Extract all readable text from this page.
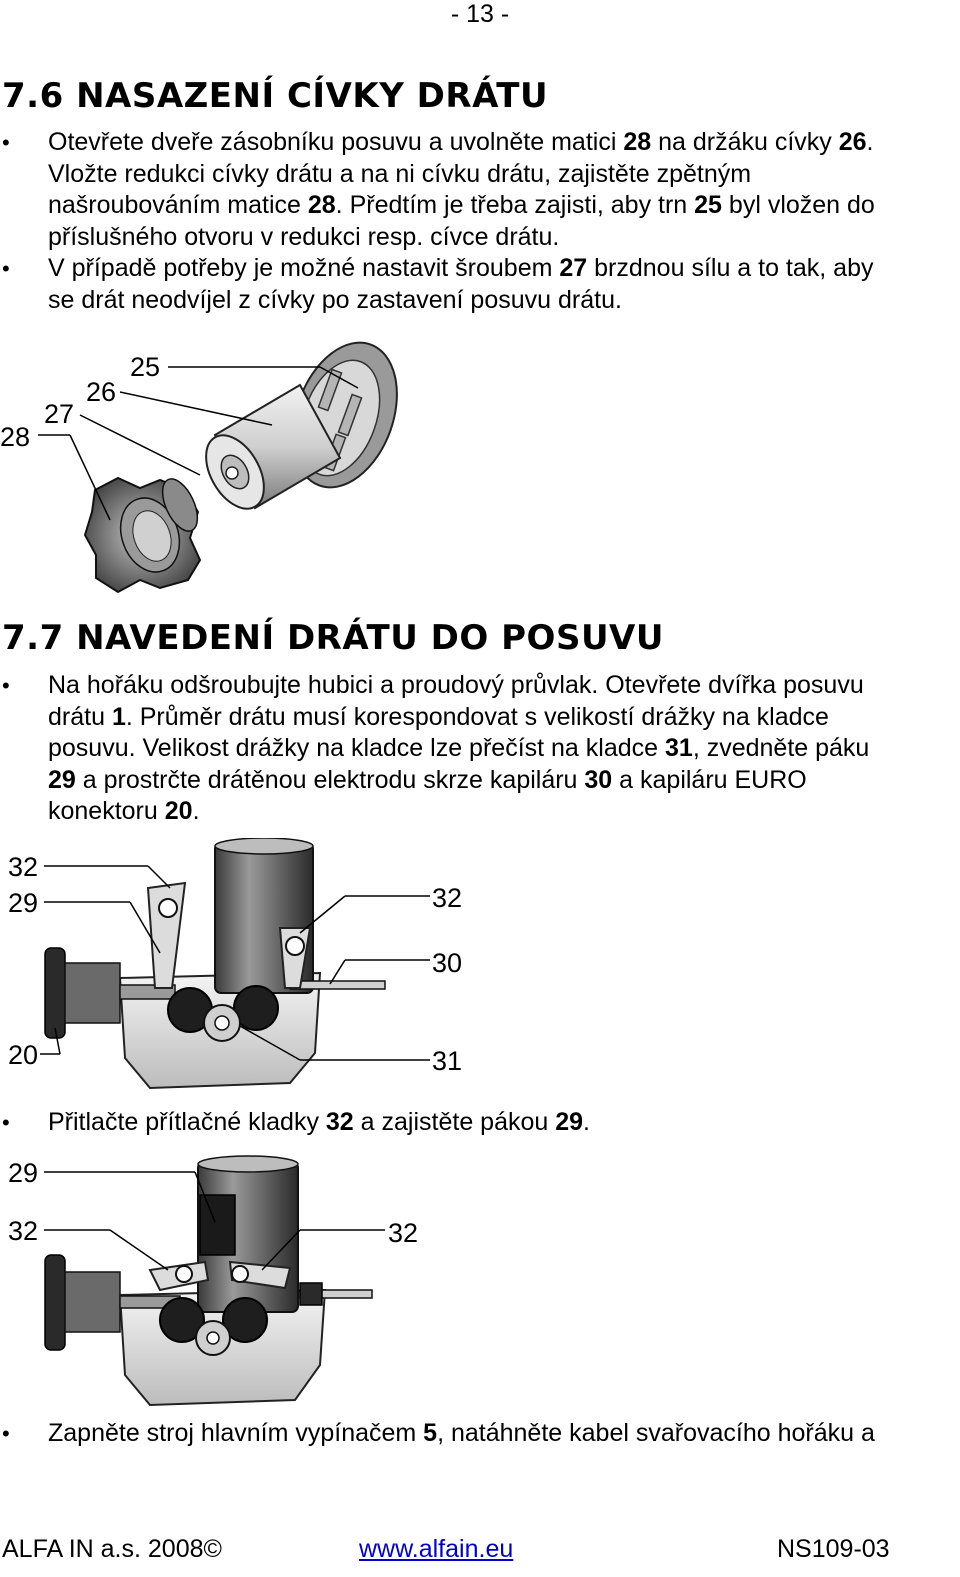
- 13 -
7.6 NASAZENÍ CÍVKY DRÁTU
• Otevřete dveře zásobníku posuvu a uvolněte matici 28 na držáku cívky 26.
Vložte redukci cívky drátu a na ni cívku drátu, zajistěte zpětným
našroubováním matice 28. Předtím je třeba zajisti, aby trn 25 byl vložen do
příslušného otvoru v redukci resp. cívce drátu.
• V případě potřeby je možné nastavit šroubem 27 brzdnou sílu a to tak, aby
se drát neodvíjel z cívky po zastavení posuvu drátu.
25
26
27
28
7.7 NAVEDENÍ DRÁTU DO POSUVU
• Na hořáku odšroubujte hubici a proudový průvlak. Otevřete dvířka posuvu
drátu 1. Průměr drátu musí korespondovat s velikostí drážky na kladce
posuvu. Velikost drážky na kladce lze přečíst na kladce 31, zvedněte páku
29 a prostrčte drátěnou elektrodu skrze kapiláru 30 a kapiláru EURO
konektoru 20.
32
29	32
30
20	31
• Přitlačte přítlačné kladky 32 a zajistěte pákou 29.
29
32	32
• Zapněte stroj hlavním vypínačem 5, natáhněte kabel svařovacího hořáku a
ALFA IN a.s. 2008©	www.alfain.eu	NS109-03
